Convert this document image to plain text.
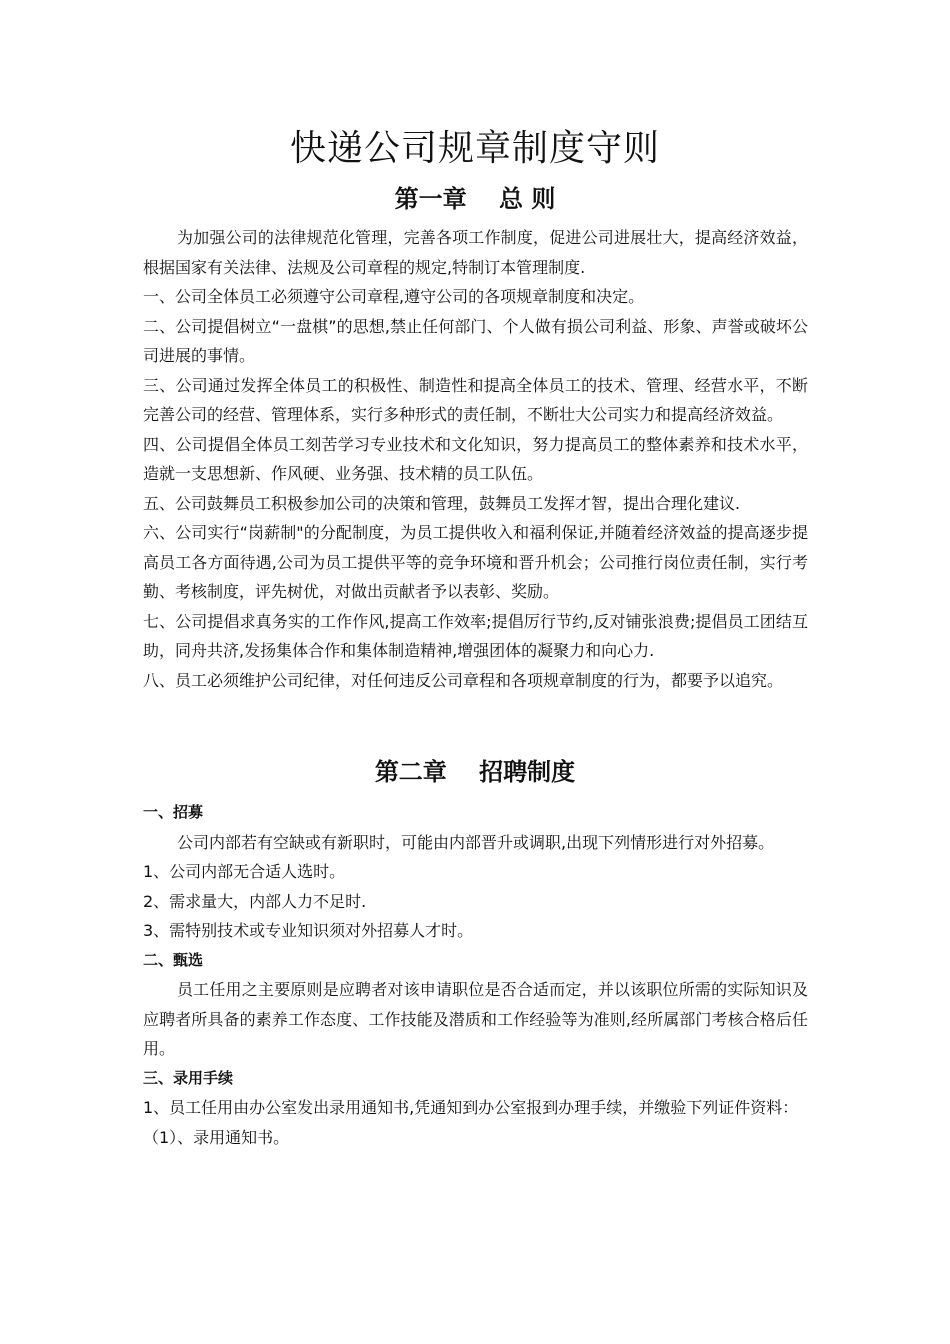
快递公司规章制度守则
第一章　 总 则

为加强公司的法律规范化管理，完善各项工作制度，促进公司进展壮大，提高经济效益，根据国家有关法律、法规及公司章程的规定,特制订本管理制度.

一、公司全体员工必须遵守公司章程,遵守公司的各项规章制度和决定。

二、公司提倡树立“一盘棋”的思想,禁止任何部门、个人做有损公司利益、形象、声誉或破坏公司进展的事情。

三、公司通过发挥全体员工的积极性、制造性和提高全体员工的技术、管理、经营水平，不断完善公司的经营、管理体系，实行多种形式的责任制，不断壮大公司实力和提高经济效益。

四、公司提倡全体员工刻苦学习专业技术和文化知识，努力提高员工的整体素养和技术水平，造就一支思想新、作风硬、业务强、技术精的员工队伍。

五、公司鼓舞员工积极参加公司的决策和管理，鼓舞员工发挥才智，提出合理化建议.

六、公司实行“岗薪制"的分配制度，为员工提供收入和福利保证,并随着经济效益的提高逐步提高员工各方面待遇,公司为员工提供平等的竞争环境和晋升机会；公司推行岗位责任制，实行考勤、考核制度，评先树优，对做出贡献者予以表彰、奖励。

七、公司提倡求真务实的工作作风,提高工作效率;提倡厉行节约,反对铺张浪费;提倡员工团结互助，同舟共济,发扬集体合作和集体制造精神,增强团体的凝聚力和向心力.

八、员工必须维护公司纪律，对任何违反公司章程和各项规章制度的行为，都要予以追究。

第二章　 招聘制度

一、招募

公司内部若有空缺或有新职时，可能由内部晋升或调职,出现下列情形进行对外招募。

1、公司内部无合适人选时。

2、需求量大，内部人力不足时.

3、需特别技术或专业知识须对外招募人才时。

二、甄选

员工任用之主要原则是应聘者对该申请职位是否合适而定，并以该职位所需的实际知识及应聘者所具备的素养工作态度、工作技能及潜质和工作经验等为准则,经所属部门考核合格后任用。

三、录用手续

1、员工任用由办公室发出录用通知书,凭通知到办公室报到办理手续，并缴验下列证件资料：

（1）、录用通知书。
